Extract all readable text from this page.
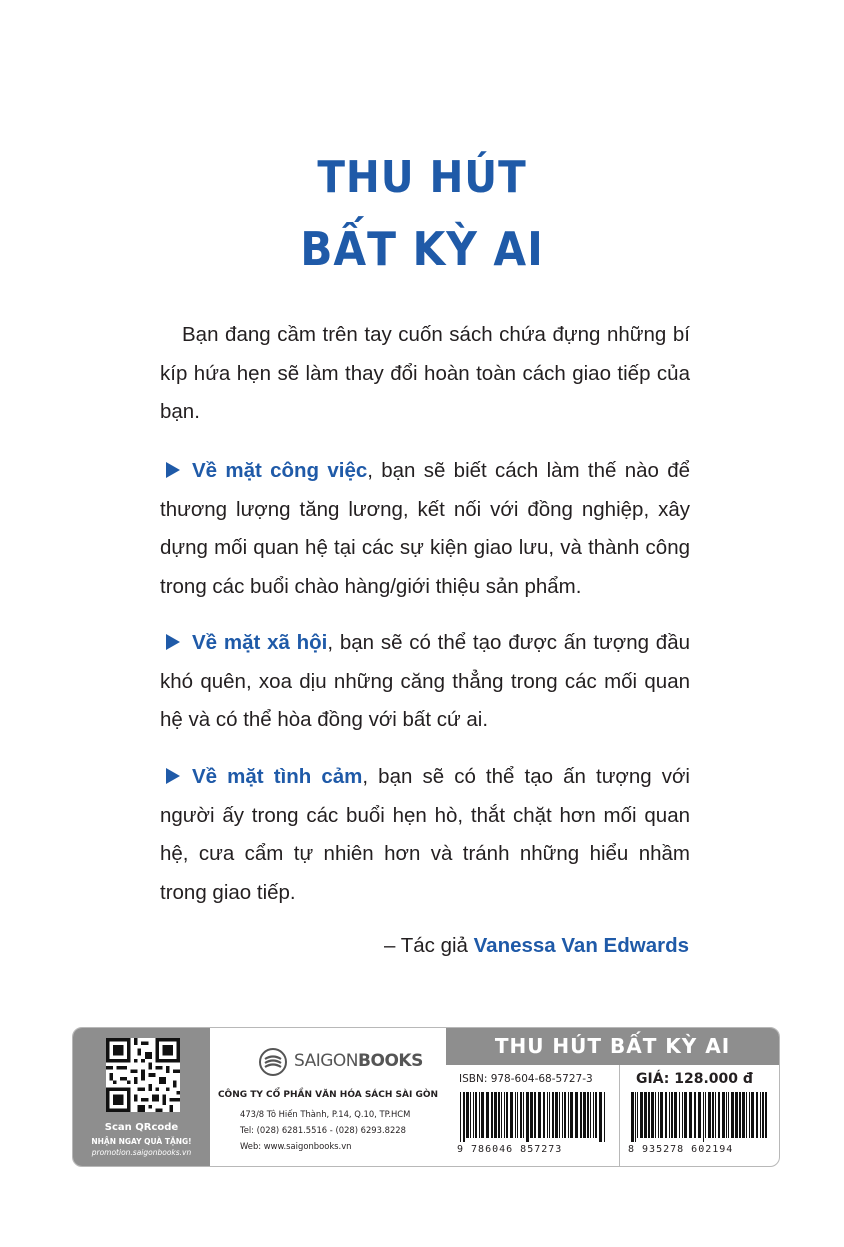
THU HÚT
BẤT KỲ AI
Bạn đang cầm trên tay cuốn sách chứa đựng những bí kíp hứa hẹn sẽ làm thay đổi hoàn toàn cách giao tiếp của bạn.
Về mặt công việc, bạn sẽ biết cách làm thế nào để thương lượng tăng lương, kết nối với đồng nghiệp, xây dựng mối quan hệ tại các sự kiện giao lưu, và thành công trong các buổi chào hàng/giới thiệu sản phẩm.
Về mặt xã hội, bạn sẽ có thể tạo được ấn tượng đầu khó quên, xoa dịu những căng thẳng trong các mối quan hệ và có thể hòa đồng với bất cứ ai.
Về mặt tình cảm, bạn sẽ có thể tạo ấn tượng với người ấy trong các buổi hẹn hò, thắt chặt hơn mối quan hệ, cưa cẩm tự nhiên hơn và tránh những hiểu nhầm trong giao tiếp.
– Tác giả Vanessa Van Edwards
Scan QRcode
NHẬN NGAY QUÀ TẶNG!
promotion.saigonbooks.vn
SAIGONBOOKS
CÔNG TY CỔ PHẦN VĂN HÓA SÁCH SÀI GÒN
473/8 Tô Hiến Thành, P.14, Q.10, TP.HCM
Tel: (028) 6281.5516 - (028) 6293.8228
Web: www.saigonbooks.vn
THU HÚT BẤT KỲ AI
ISBN: 978-604-68-5727-3	GIÁ: 128.000 đ
9 786046 857273	8 935278 602194
